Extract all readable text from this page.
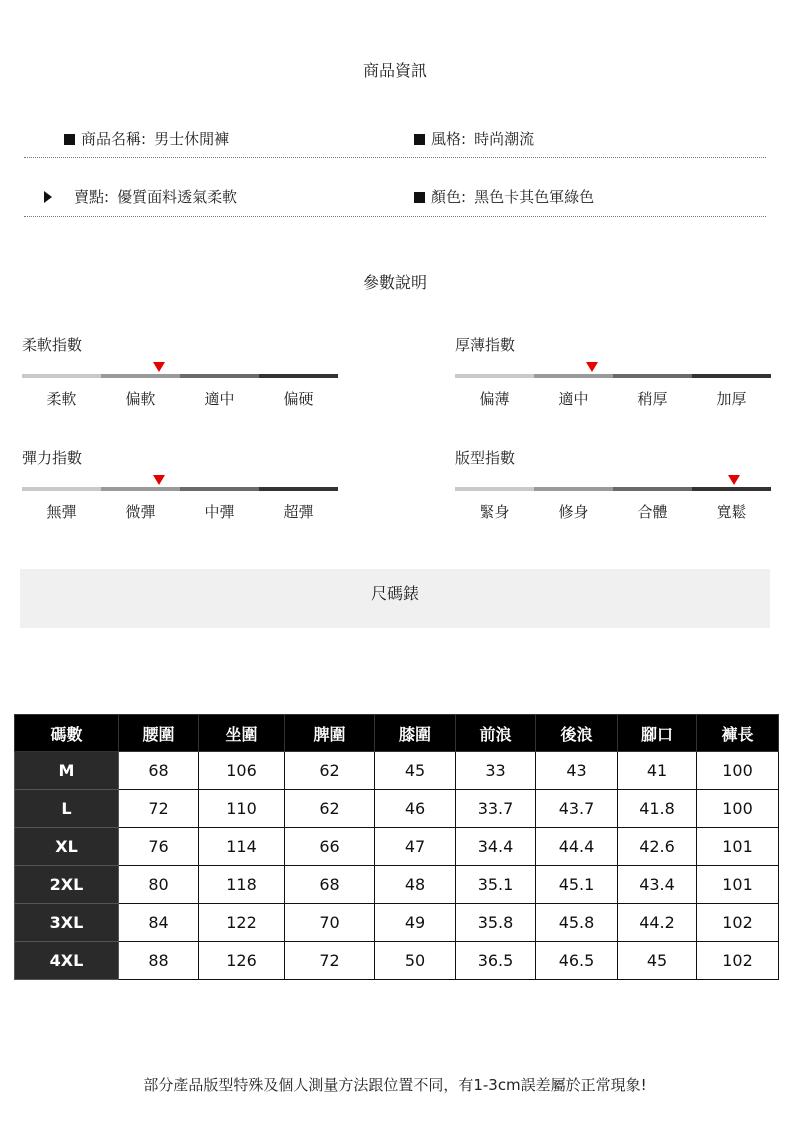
商品資訊
商品名稱: 男士休閒褲	風格: 時尚潮流
賣點: 優質面料透氣柔軟	顏色: 黑色卡其色軍綠色
參數說明
柔軟指數
柔軟	偏軟	適中	偏硬
厚薄指數
偏薄	適中	稍厚	加厚
彈力指數
無彈	微彈	中彈	超彈
版型指數
緊身	修身	合體	寬鬆
尺碼錶
碼數	腰圍	坐圍	脾圍	膝圍	前浪	後浪	腳口	褲長
M	68	106	62	45	33	43	41	100
L	72	110	62	46	33.7	43.7	41.8	100
XL	76	114	66	47	34.4	44.4	42.6	101
2XL	80	118	68	48	35.1	45.1	43.4	101
3XL	84	122	70	49	35.8	45.8	44.2	102
4XL	88	126	72	50	36.5	46.5	45	102
部分產品版型特殊及個人測量方法跟位置不同，有1-3cm誤差屬於正常現象!
